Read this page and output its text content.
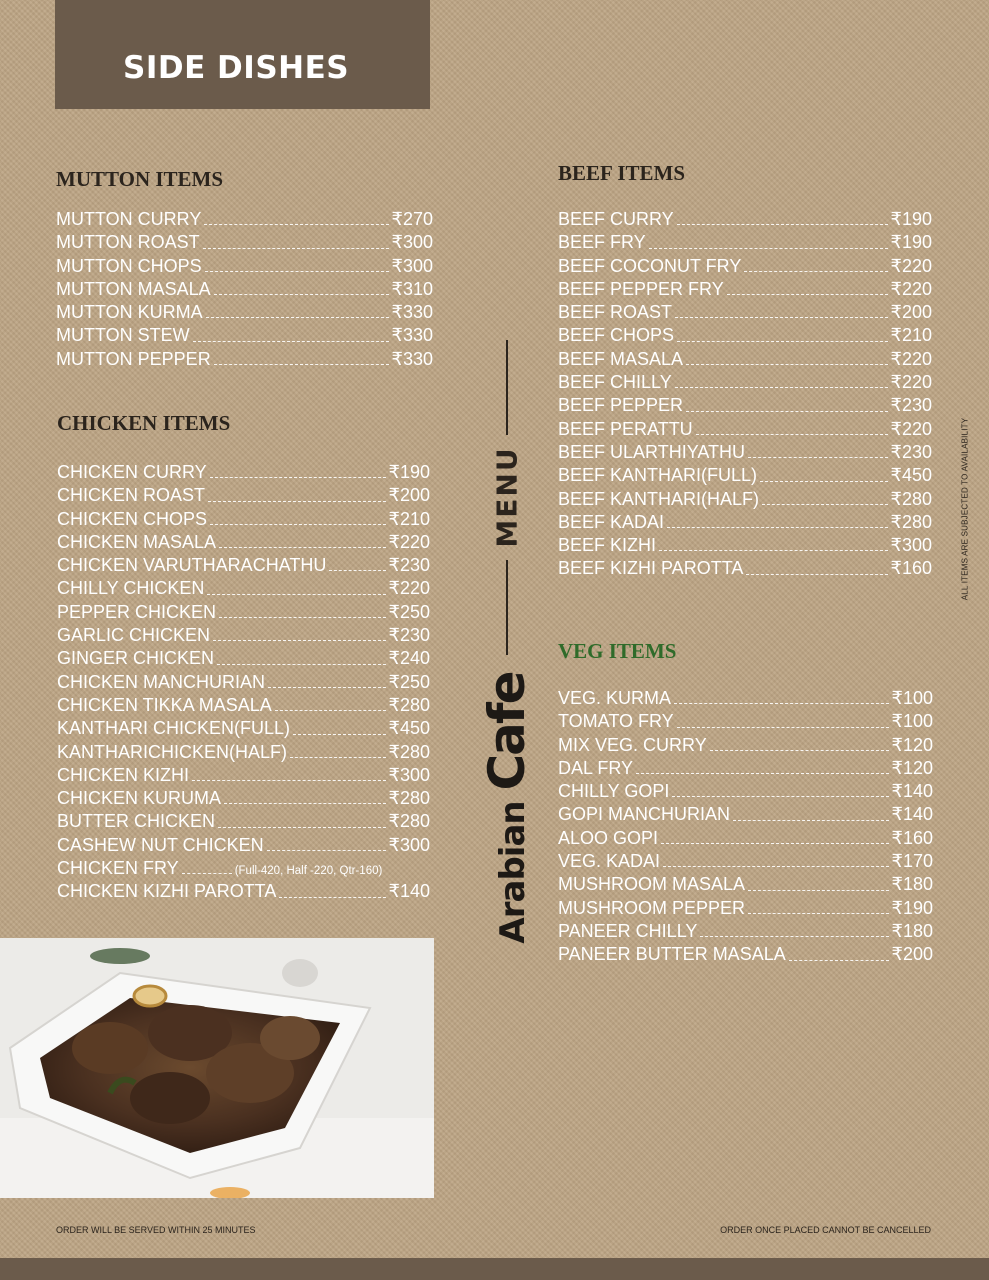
SIDE DISHES
MUTTON ITEMS
MUTTON CURRY	₹270
MUTTON ROAST	₹300
MUTTON CHOPS	₹300
MUTTON MASALA	₹310
MUTTON KURMA	₹330
MUTTON STEW	₹330
MUTTON PEPPER	₹330
CHICKEN ITEMS
CHICKEN CURRY	₹190
CHICKEN ROAST	₹200
CHICKEN CHOPS	₹210
CHICKEN MASALA	₹220
CHICKEN VARUTHARACHATHU	₹230
CHILLY CHICKEN	₹220
PEPPER CHICKEN	₹250
GARLIC CHICKEN	₹230
GINGER CHICKEN	₹240
CHICKEN MANCHURIAN	₹250
CHICKEN TIKKA MASALA	₹280
KANTHARI CHICKEN(FULL)	₹450
KANTHARICHICKEN(HALF)	₹280
CHICKEN KIZHI	₹300
CHICKEN KURUMA	₹280
BUTTER CHICKEN	₹280
CASHEW NUT CHICKEN	₹300
CHICKEN FRY	(Full-420, Half -220, Qtr-160)
CHICKEN KIZHI PAROTTA	₹140
BEEF ITEMS
BEEF CURRY	₹190
BEEF FRY	₹190
BEEF COCONUT FRY	₹220
BEEF PEPPER FRY	₹220
BEEF ROAST	₹200
BEEF CHOPS	₹210
BEEF MASALA	₹220
BEEF CHILLY	₹220
BEEF PEPPER	₹230
BEEF PERATTU	₹220
BEEF ULARTHIYATHU	₹230
BEEF KANTHARI(FULL)	₹450
BEEF KANTHARI(HALF)	₹280
BEEF KADAI	₹280
BEEF KIZHI	₹300
BEEF KIZHI PAROTTA	₹160
VEG ITEMS
VEG. KURMA	₹100
TOMATO FRY	₹100
MIX VEG. CURRY	₹120
DAL FRY	₹120
CHILLY GOPI	₹140
GOPI MANCHURIAN	₹140
ALOO GOPI	₹160
VEG. KADAI	₹170
MUSHROOM MASALA	₹180
MUSHROOM PEPPER	₹190
PANEER CHILLY	₹180
PANEER BUTTER MASALA	₹200
MENU
Arabian Cafe
ALL ITEMS ARE SUBJECTED TO AVAILABILITY
ORDER WILL BE SERVED WITHIN 25 MINUTES	ORDER ONCE PLACED CANNOT BE CANCELLED
